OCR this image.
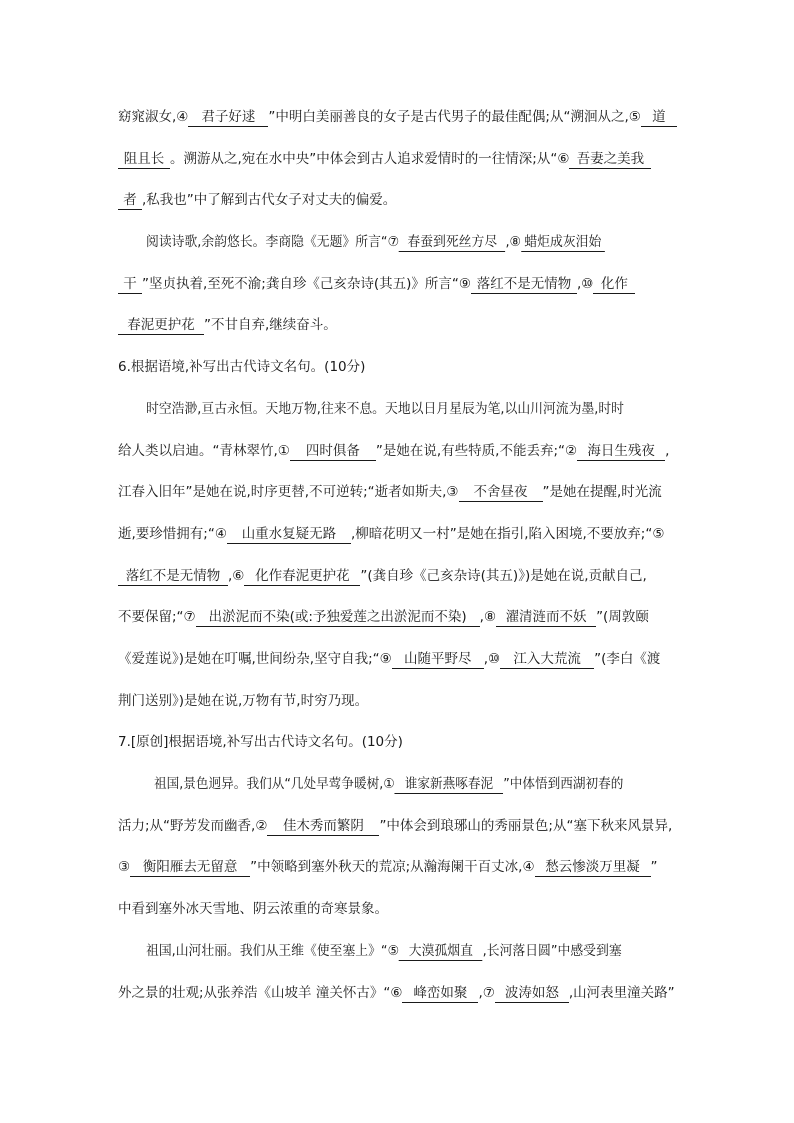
窈窕淑女,④ 君子好逑 ”中明白美丽善良的女子是古代男子的最佳配偶;从“溯洄从之,⑤ 道
阻且长 。溯游从之,宛在水中央”中体会到古人追求爱情时的一往情深;从“⑥ 吾妻之美我
者 ,私我也”中了解到古代女子对丈夫的偏爱。
阅读诗歌,余韵悠长。李商隐《无题》所言“⑦ 春蚕到死丝方尽 ,⑧ 蜡炬成灰泪始
干 ”坚贞执着,至死不渝;龚自珍《己亥杂诗(其五)》所言“⑨ 落红不是无情物 ,⑩ 化作
春泥更护花 ”不甘自弃,继续奋斗。
6.根据语境,补写出古代诗文名句。(10分)
时空浩渺,亘古永恒。天地万物,往来不息。天地以日月星辰为笔,以山川河流为墨,时时
给人类以启迪。“青林翠竹,① 四时俱备 ”是她在说,有些特质,不能丢弃;“② 海日生残夜 ,
江春入旧年”是她在说,时序更替,不可逆转;“逝者如斯夫,③ 不舍昼夜 ”是她在提醒,时光流
逝,要珍惜拥有;“④ 山重水复疑无路 ,柳暗花明又一村”是她在指引,陷入困境,不要放弃;“⑤
落红不是无情物 ,⑥ 化作春泥更护花 ”(龚自珍《己亥杂诗(其五)》)是她在说,贡献自己,
不要保留;“⑦ 出淤泥而不染(或:予独爱莲之出淤泥而不染) ,⑧ 濯清涟而不妖 ”(周敦颐
《爱莲说》)是她在叮嘱,世间纷杂,坚守自我;“⑨ 山随平野尽 ,⑩ 江入大荒流 ”(李白《渡
荆门送别》)是她在说,万物有节,时穷乃现。
7.[原创]根据语境,补写出古代诗文名句。(10分)
祖国,景色迥异。我们从“几处早莺争暖树,① 谁家新燕啄春泥 ”中体悟到西湖初春的
活力;从“野芳发而幽香,② 佳木秀而繁阴 ”中体会到琅琊山的秀丽景色;从“塞下秋来风景异,
③ 衡阳雁去无留意 ”中领略到塞外秋天的荒凉;从瀚海阑干百丈冰,④ 愁云惨淡万里凝 ”
中看到塞外冰天雪地、阴云浓重的奇寒景象。
祖国,山河壮丽。我们从王维《使至塞上》“⑤ 大漠孤烟直 ,长河落日圆”中感受到塞
外之景的壮观;从张养浩《山坡羊 潼关怀古》“⑥ 峰峦如聚 ,⑦ 波涛如怒 ,山河表里潼关路”
